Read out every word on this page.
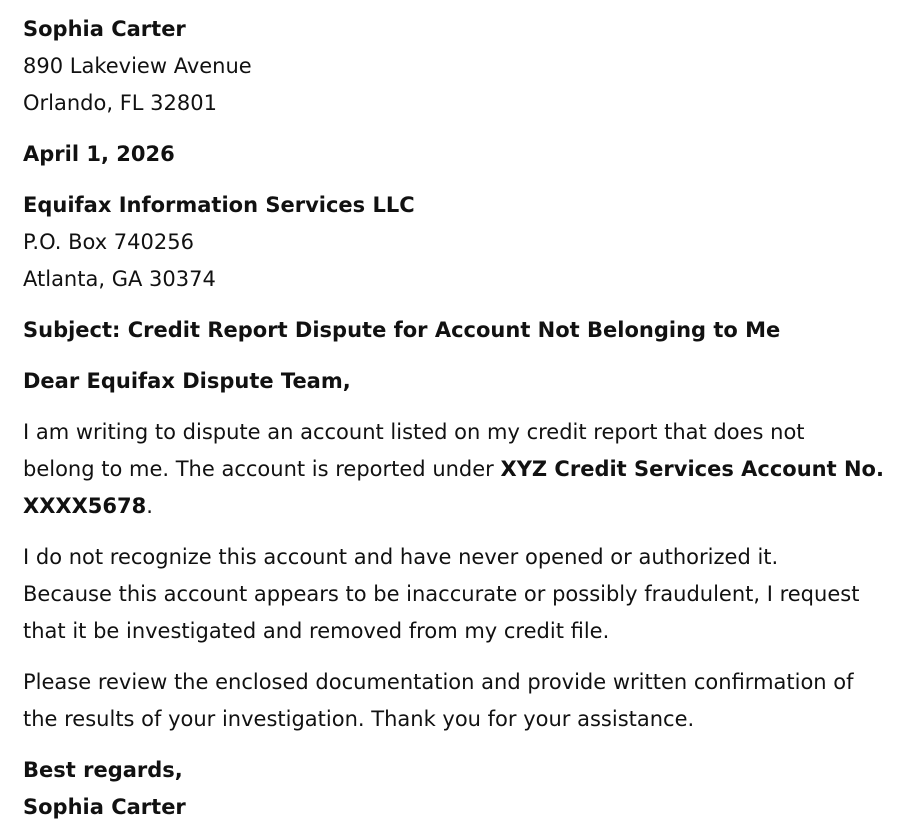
Sophia Carter
890 Lakeview Avenue
Orlando, FL 32801
April 1, 2026
Equifax Information Services LLC
P.O. Box 740256
Atlanta, GA 30374
Subject: Credit Report Dispute for Account Not Belonging to Me
Dear Equifax Dispute Team,
I am writing to dispute an account listed on my credit report that does not
belong to me. The account is reported under XYZ Credit Services Account No.
XXXX5678.
I do not recognize this account and have never opened or authorized it.
Because this account appears to be inaccurate or possibly fraudulent, I request
that it be investigated and removed from my credit file.
Please review the enclosed documentation and provide written confirmation of
the results of your investigation. Thank you for your assistance.
Best regards,
Sophia Carter
